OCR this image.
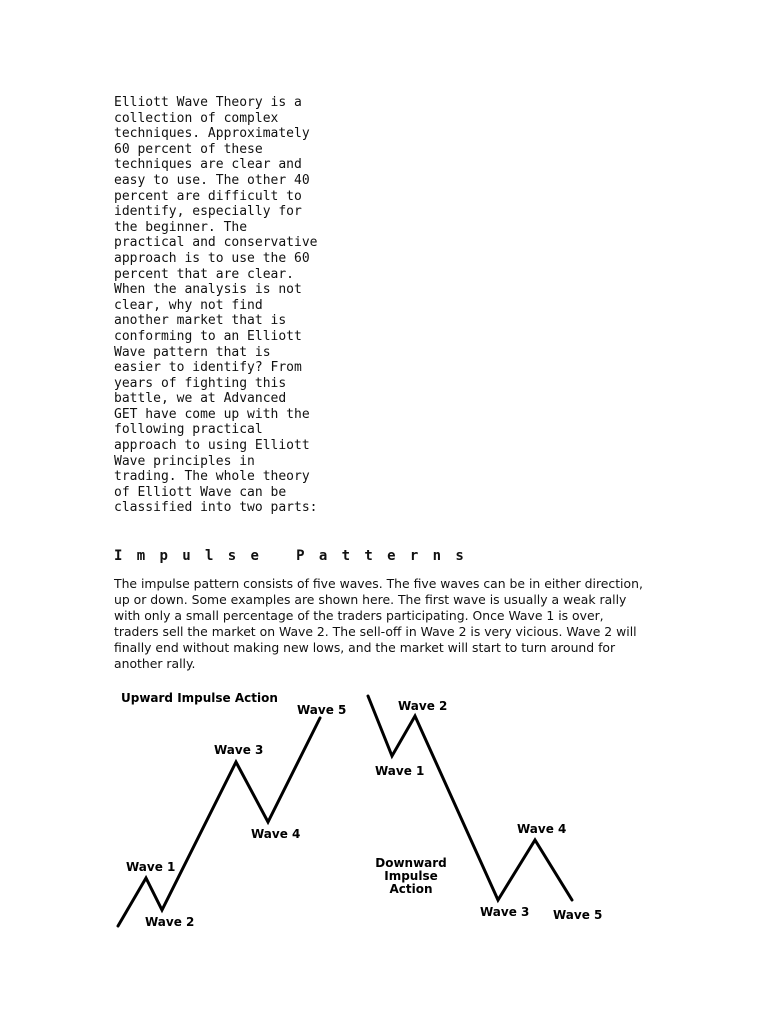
Elliott Wave Theory is a
collection of complex
techniques. Approximately
60 percent of these
techniques are clear and
easy to use. The other 40
percent are difficult to
identify, especially for
the beginner. The
practical and conservative
approach is to use the 60
percent that are clear.
When the analysis is not
clear, why not find
another market that is
conforming to an Elliott
Wave pattern that is
easier to identify? From
years of fighting this
battle, we at Advanced
GET have come up with the
following practical
approach to using Elliott
Wave principles in
trading. The whole theory
of Elliott Wave can be
classified into two parts:
Impulse Patterns
The impulse pattern consists of five waves. The five waves can be in either direction,
up or down. Some examples are shown here. The first wave is usually a weak rally
with only a small percentage of the traders participating. Once Wave 1 is over,
traders sell the market on Wave 2. The sell-off in Wave 2 is very vicious. Wave 2 will
finally end without making new lows, and the market will start to turn around for
another rally.
Upward Impulse Action
Wave 1
Wave 2
Wave 3
Wave 4
Wave 5	Wave 2
Wave 1
Wave 4
Wave 3 Wave 5
Downward
Impulse
Action
